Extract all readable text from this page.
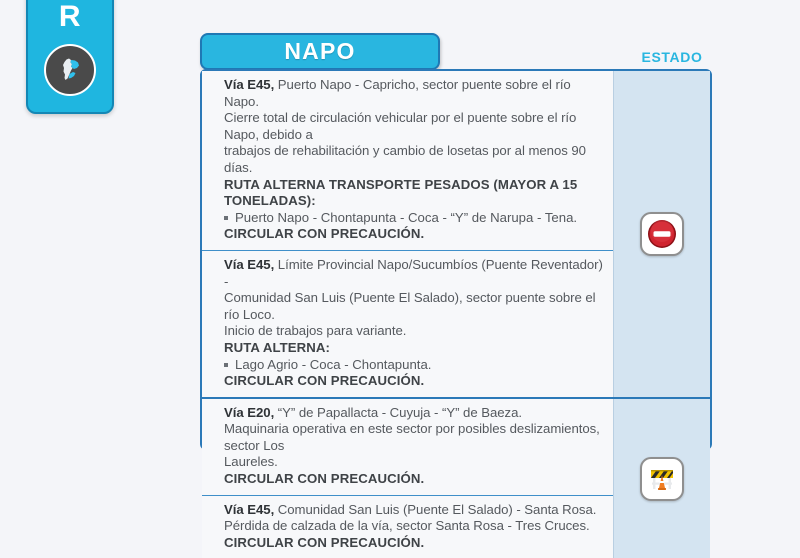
R
NAPO	ESTADO
Vía E45, Puerto Napo - Capricho, sector puente sobre el río Napo.
Cierre total de circulación vehicular por el puente sobre el río Napo, debido a
trabajos de rehabilitación y cambio de losetas por al menos 90 días.
RUTA ALTERNA TRANSPORTE PESADOS (MAYOR A 15 TONELADAS):
Puerto Napo - Chontapunta - Coca - “Y” de Narupa - Tena.
CIRCULAR CON PRECAUCIÓN.
Vía E45, Límite Provincial Napo/Sucumbíos (Puente Reventador) -
Comunidad San Luis (Puente El Salado), sector puente sobre el río Loco.
Inicio de trabajos para variante.
RUTA ALTERNA:
Lago Agrio - Coca - Chontapunta.
CIRCULAR CON PRECAUCIÓN.
Vía E20, “Y” de Papallacta - Cuyuja - “Y” de Baeza.
Maquinaria operativa en este sector por posibles deslizamientos, sector Los
Laureles.
CIRCULAR CON PRECAUCIÓN.
Vía E45, Comunidad San Luis (Puente El Salado) - Santa Rosa.
Pérdida de calzada de la vía, sector Santa Rosa - Tres Cruces.
CIRCULAR CON PRECAUCIÓN.
